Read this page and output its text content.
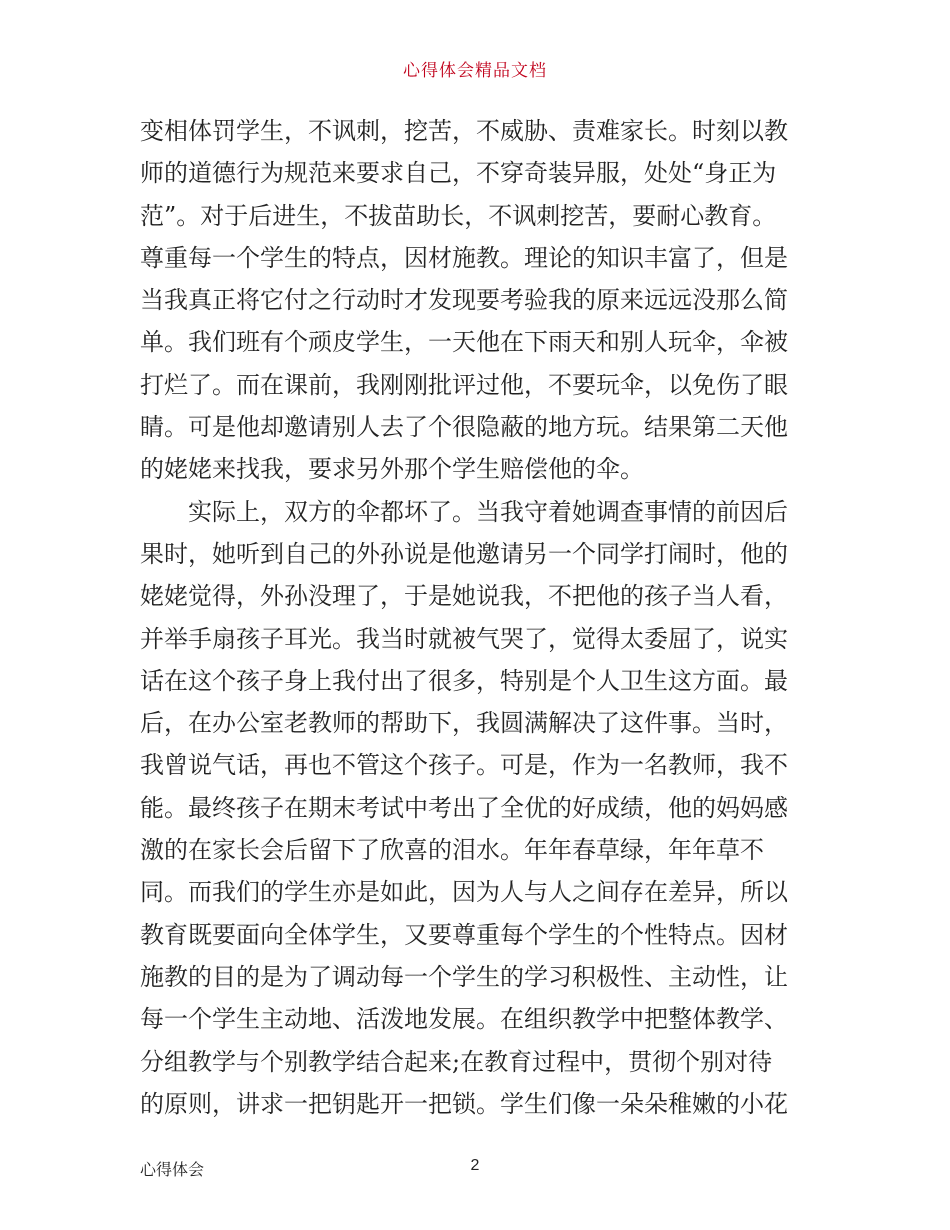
心得体会精品文档
变相体罚学生，不讽刺，挖苦，不威胁、责难家长。时刻以教
师的道德行为规范来要求自己，不穿奇装异服，处处“身正为
范”。对于后进生，不拔苗助长，不讽刺挖苦，要耐心教育。
尊重每一个学生的特点，因材施教。理论的知识丰富了，但是
当我真正将它付之行动时才发现要考验我的原来远远没那么简
单。我们班有个顽皮学生，一天他在下雨天和别人玩伞，伞被
打烂了。而在课前，我刚刚批评过他，不要玩伞，以免伤了眼
睛。可是他却邀请别人去了个很隐蔽的地方玩。结果第二天他
的姥姥来找我，要求另外那个学生赔偿他的伞。
实际上，双方的伞都坏了。当我守着她调查事情的前因后
果时，她听到自己的外孙说是他邀请另一个同学打闹时，他的
姥姥觉得，外孙没理了，于是她说我，不把他的孩子当人看，
并举手扇孩子耳光。我当时就被气哭了，觉得太委屈了，说实
话在这个孩子身上我付出了很多，特别是个人卫生这方面。最
后，在办公室老教师的帮助下，我圆满解决了这件事。当时，
我曾说气话，再也不管这个孩子。可是，作为一名教师，我不
能。最终孩子在期末考试中考出了全优的好成绩，他的妈妈感
激的在家长会后留下了欣喜的泪水。年年春草绿，年年草不
同。而我们的学生亦是如此，因为人与人之间存在差异，所以
教育既要面向全体学生，又要尊重每个学生的个性特点。因材
施教的目的是为了调动每一个学生的学习积极性、主动性，让
每一个学生主动地、活泼地发展。在组织教学中把整体教学、
分组教学与个别教学结合起来;在教育过程中，贯彻个别对待
的原则，讲求一把钥匙开一把锁。学生们像一朵朵稚嫩的小花
心得体会	2
